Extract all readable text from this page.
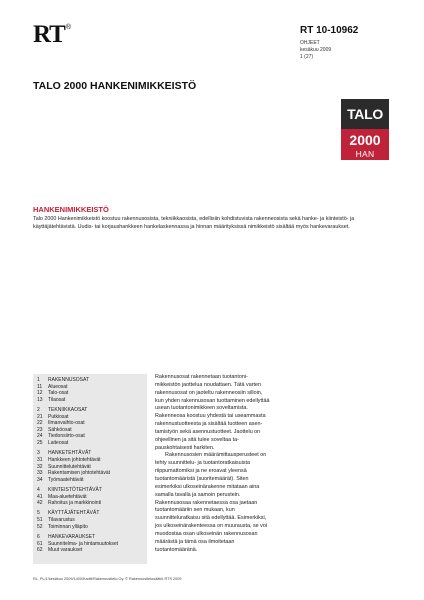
RT ®	RT 10-10962
OHJEET
kesäkuu 2009
1 (27)
TALO 2000 HANKENIMIKKEISTÖ
TALO
2000
HAN
HANKENIMIKKEISTÖ

Talo 2000 Hankenimikkeistö koostuu rakennusosista, tekniikkaosista, edellisiin kohdistuvista rakenneosista sekä hanke- ja kiinteistö- ja käyttäjätehtävistä. Uudis- tai korjaushankkeen hankelaskennassa ja hinnan määrityksissä nimikkeistö sisältää myös hankevaraukset.

1	RAKENNUSOSAT
11	Alueosat
12	Talo-osat
13	Tilaosat
2	TEKNIIKKAOSAT
21	Putkiosat
22	Ilmanvaihto-osat
23	Sähköosat
24	Tiedonsiirto-osat
25	Laiteosat
3	HANKETEHTÄVÄT
31	Hankkeen johtotehtävät
32	Suunnittelutehtävät
33	Rakentamisen johtotehtävät
34	Työmaatehtävät
4	KIINTEISTÖTEHTÄVÄT
41	Maa-aluetehtävät
42	Rahoitus ja markkinointi
5	KÄYTTÄJÄTEHTÄVÄT
51	Tilavarustus
52	Toiminnan ylläpito
6	HANKEVARAUKSET
61	Suunnitelma- ja hintamuutokset
62	Muut varaukset

Rakennusosat rakennetaan tuotantonimikkeistön jaottelua noudattaen. Tätä varten rakennusosat on jaoteltu rakenneosiin silloin, kun yhden rakennusosan tuottaminen edellyttää usean tuotantonimikkeen soveltamista. Rakenneosa koostuu yhdestä tai useammasta rakennustuotteesta ja sisältää tuotteen asentamistyön sekä asennustuotteet. Jaottelu on ohjeellinen ja sitä tulee soveltaa tapauskohtaisesti harkiten.

Rakennusosien määrämittausperusteet on tehty suunnittelu- ja tuotantoratkaisuista riippumattomiksi ja ne eroavat yleensä tuotantomääristä (suoritemäärät). Siten esimerkiksi ulkoseinärakenne mitataan aina samalla tavalla ja samoin perustein. Rakennusosaa rakennetaessa osa jaetaan tuotantomääriin sen mukaan, kun suunnitteluratkaisu sitä edellyttää. Esimerkiksi, jos ulkoseinärakenteessa on muurausta, se voi muodostaa osan ulkoseinän rakennusosan määrästä ja tämä osa ilmoitetaan tuotantomääränä.

RL, PL/1/kesäkuu 2009/1400/Karttt/Rakennustieto Oy. © Rakennustietosäätiö RTS 2009
